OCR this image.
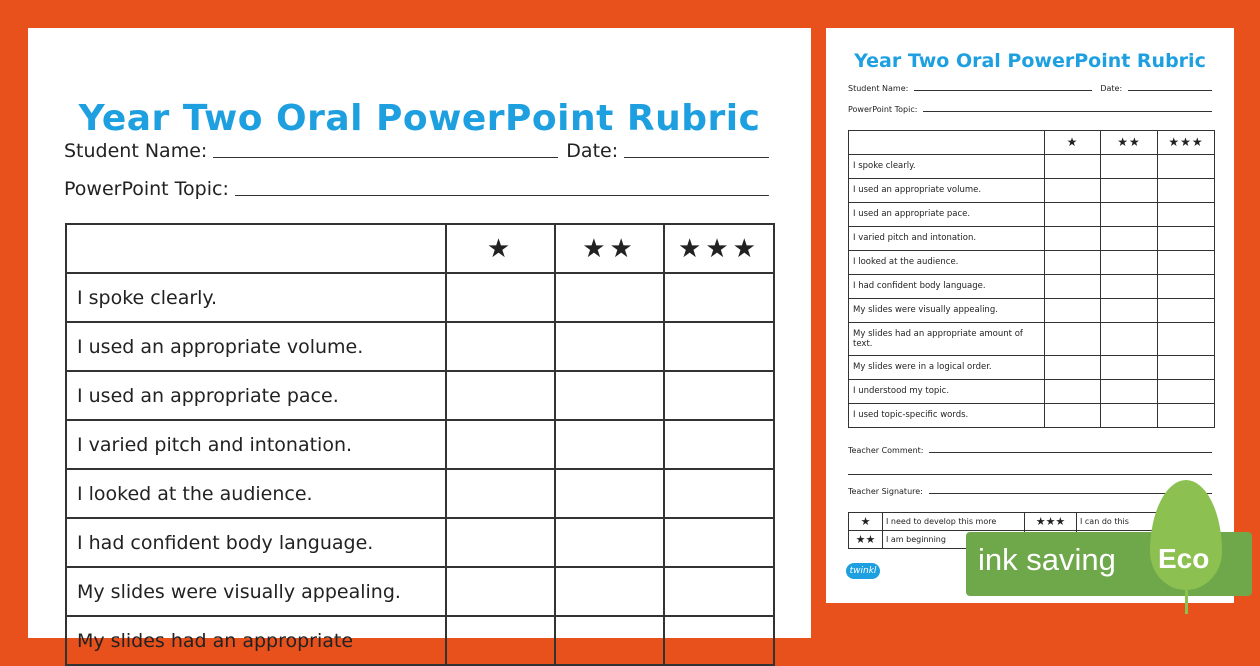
Year Two Oral PowerPoint Rubric
Student Name:	Date:
PowerPoint Topic:
	★	★★	★★★
I spoke clearly.			
I used an appropriate volume.			
I used an appropriate pace.			
I varied pitch and intonation.			
I looked at the audience.			
I had confident body language.			
My slides were visually appealing.			
My slides had an appropriate			
Year Two Oral PowerPoint Rubric
Student Name:	Date:
PowerPoint Topic:
	★	★★	★★★
I spoke clearly.			
I used an appropriate volume.			
I used an appropriate pace.			
I varied pitch and intonation.			
I looked at the audience.			
I had confident body language.			
My slides were visually appealing.			
My slides had an appropriate amount of text.			
My slides were in a logical order.			
I understood my topic.			
I used topic-specific words.			
Teacher Comment:
Teacher Signature:
★	I need to develop this more	★★★	I can do this
★★	I am beginning		
twinkl	ink saving Eco
